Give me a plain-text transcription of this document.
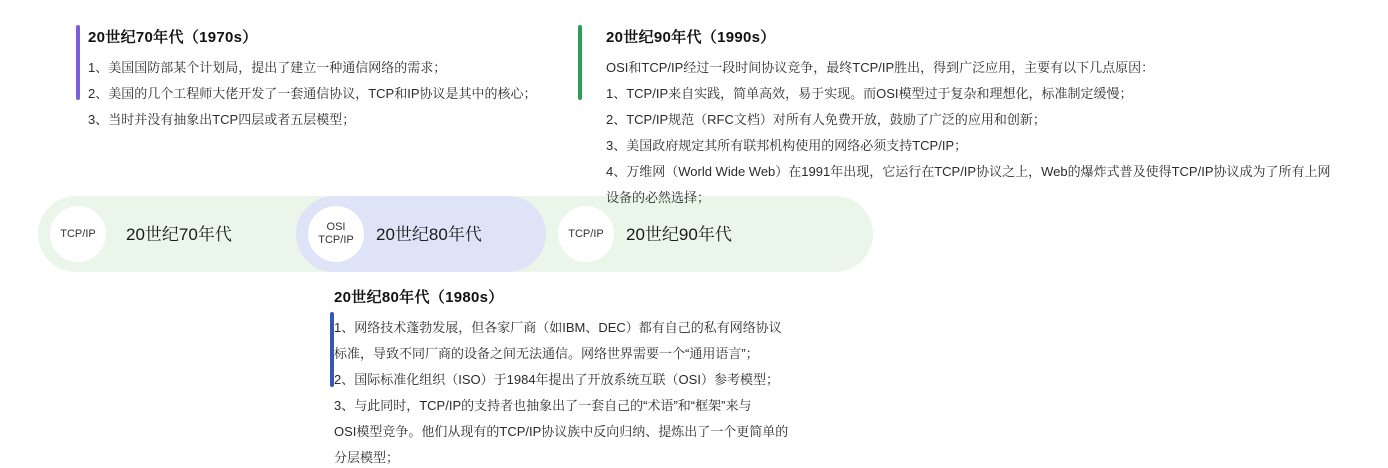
TCP/IP 20世纪70年代	OSI
TCP/IP 20世纪80年代	TCP/IP 20世纪90年代
20世纪70年代（1970s）

1、美国国防部某个计划局，提出了建立一种通信网络的需求；

2、美国的几个工程师大佬开发了一套通信协议，TCP和IP协议是其中的核心；

3、当时并没有抽象出TCP四层或者五层模型；

20世纪90年代（1990s）

OSI和TCP/IP经过一段时间协议竞争，最终TCP/IP胜出，得到广泛应用，主要有以下几点原因：

1、TCP/IP来自实践，简单高效，易于实现。而OSI模型过于复杂和理想化，标准制定缓慢；

2、TCP/IP规范（RFC文档）对所有人免费开放，鼓励了广泛的应用和创新；

3、美国政府规定其所有联邦机构使用的网络必须支持TCP/IP；

4、万维网（World Wide Web）在1991年出现，它运行在TCP/IP协议之上，Web的爆炸式普及使得TCP/IP协议成为了所有上网

设备的必然选择；

20世纪80年代（1980s）

1、网络技术蓬勃发展，但各家厂商（如IBM、DEC）都有自己的私有网络协议

标准，导致不同厂商的设备之间无法通信。网络世界需要一个“通用语言”；

2、国际标准化组织（ISO）于1984年提出了开放系统互联（OSI）参考模型；

3、与此同时，TCP/IP的支持者也抽象出了一套自己的“术语”和“框架”来与

OSI模型竞争。他们从现有的TCP/IP协议族中反向归纳、提炼出了一个更简单的

分层模型；
